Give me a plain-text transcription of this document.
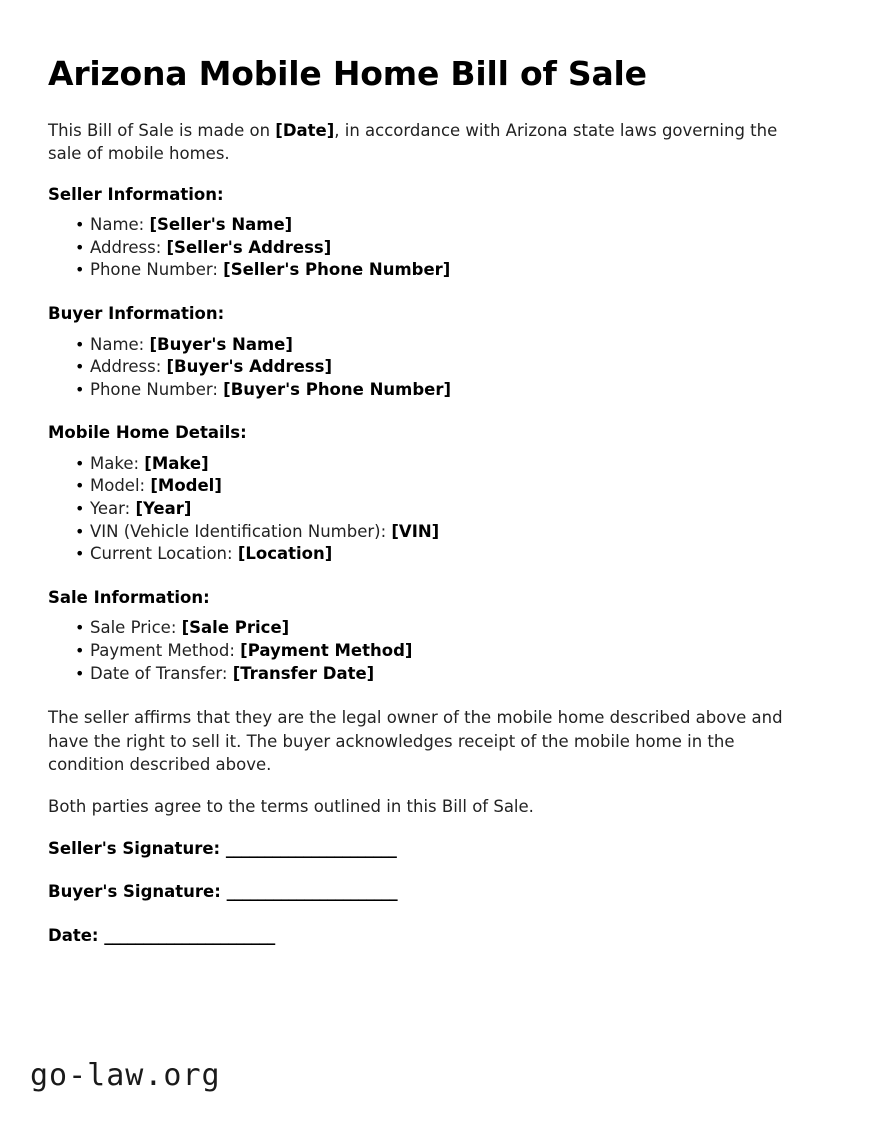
Arizona Mobile Home Bill of Sale

This Bill of Sale is made on [Date], in accordance with Arizona state laws governing the sale of mobile homes.

Seller Information:
• Name: [Seller's Name]
• Address: [Seller's Address]
• Phone Number: [Seller's Phone Number]
Buyer Information:
• Name: [Buyer's Name]
• Address: [Buyer's Address]
• Phone Number: [Buyer's Phone Number]
Mobile Home Details:
• Make: [Make]
• Model: [Model]
• Year: [Year]
• VIN (Vehicle Identification Number): [VIN]
• Current Location: [Location]
Sale Information:
• Sale Price: [Sale Price]
• Payment Method: [Payment Method]
• Date of Transfer: [Transfer Date]

The seller affirms that they are the legal owner of the mobile home described above and have the right to sell it. The buyer acknowledges receipt of the mobile home in the condition described above.

Both parties agree to the terms outlined in this Bill of Sale.

Seller's Signature: ______________________
Buyer's Signature: ______________________
Date: ______________________
go-law.org
